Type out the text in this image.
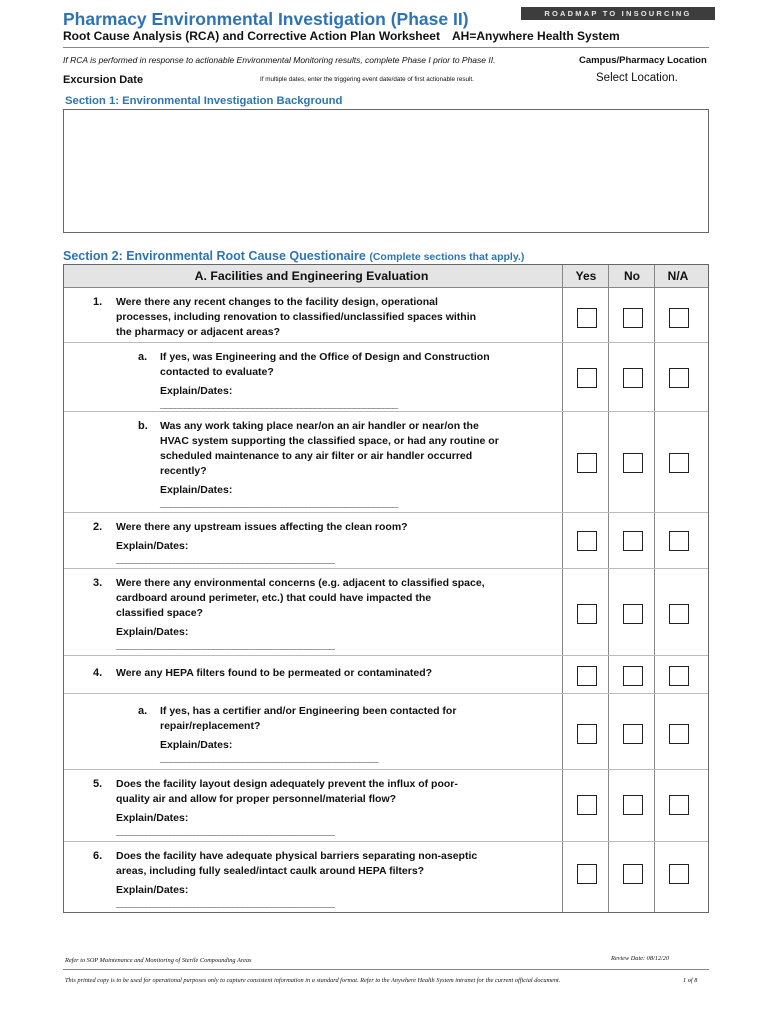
Pharmacy Environmental Investigation (Phase II)
Root Cause Analysis (RCA) and Corrective Action Plan Worksheet AH=Anywhere Health System
ROADMAP TO INSOURCING
If RCA is performed in response to actionable Environmental Monitoring results, complete Phase I prior to Phase II.	Campus/Pharmacy Location
Excursion Date	If multiple dates, enter the triggering event date/date of first actionable result.	Select Location.
Section 1: Environmental Investigation Background
Section 2: Environmental Root Cause Questionaire (Complete sections that apply.)
A. Facilities and Engineering Evaluation	Yes	No	N/A
1. Were there any recent changes to the facility design, operational
processes, including renovation to classified/unclassified spaces within
the pharmacy or adjacent areas?
a. If yes, was Engineering and the Office of Design and Construction
contacted to evaluate?
Explain/Dates:
_________________________________________________
b. Was any work taking place near/on an air handler or near/on the
HVAC system supporting the classified space, or had any routine or
scheduled maintenance to any air filter or air handler occurred
recently?
Explain/Dates:
_________________________________________________
2. Were there any upstream issues affecting the clean room?
Explain/Dates:
_____________________________________________
3. Were there any environmental concerns (e.g. adjacent to classified space,
cardboard around perimeter, etc.) that could have impacted the
classified space?
Explain/Dates:
_____________________________________________
4. Were any HEPA filters found to be permeated or contaminated?
a. If yes, has a certifier and/or Engineering been contacted for
repair/replacement?
Explain/Dates:
_____________________________________________
5. Does the facility layout design adequately prevent the influx of poor-
quality air and allow for proper personnel/material flow?
Explain/Dates:
_____________________________________________
6. Does the facility have adequate physical barriers separating non-aseptic
areas, including fully sealed/intact caulk around HEPA filters?
Explain/Dates:
_____________________________________________
Refer to SOP Maintenance and Monitoring of Sterile Compounding Areas	Review Date: 08/12/20
This printed copy is to be used for operational purposes only to capture consistent information in a standard format. Refer to the Anywhere Health System intranet for the current official document.	1 of 8
